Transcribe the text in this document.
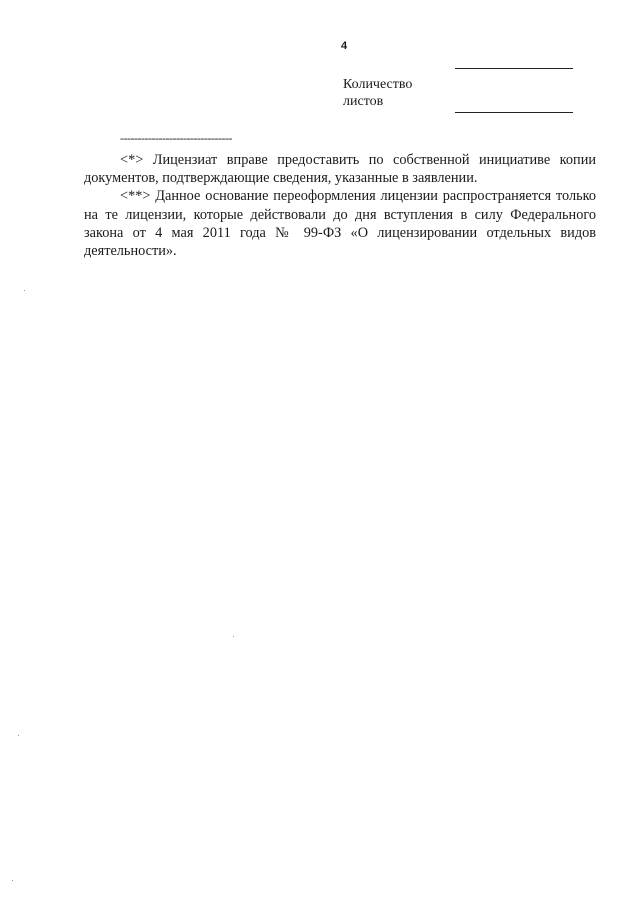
4
Количество
листов
--------------------------------

<*> Лицензиат вправе предоставить по собственной инициативе копии документов, подтверждающие сведения, указанные в заявлении.

<**> Данное основание переоформления лицензии распространяется только на те лицензии, которые действовали до дня вступления в силу Федерального закона от 4 мая 2011 года № 99-ФЗ «О лицензировании отдельных видов деятельности».
